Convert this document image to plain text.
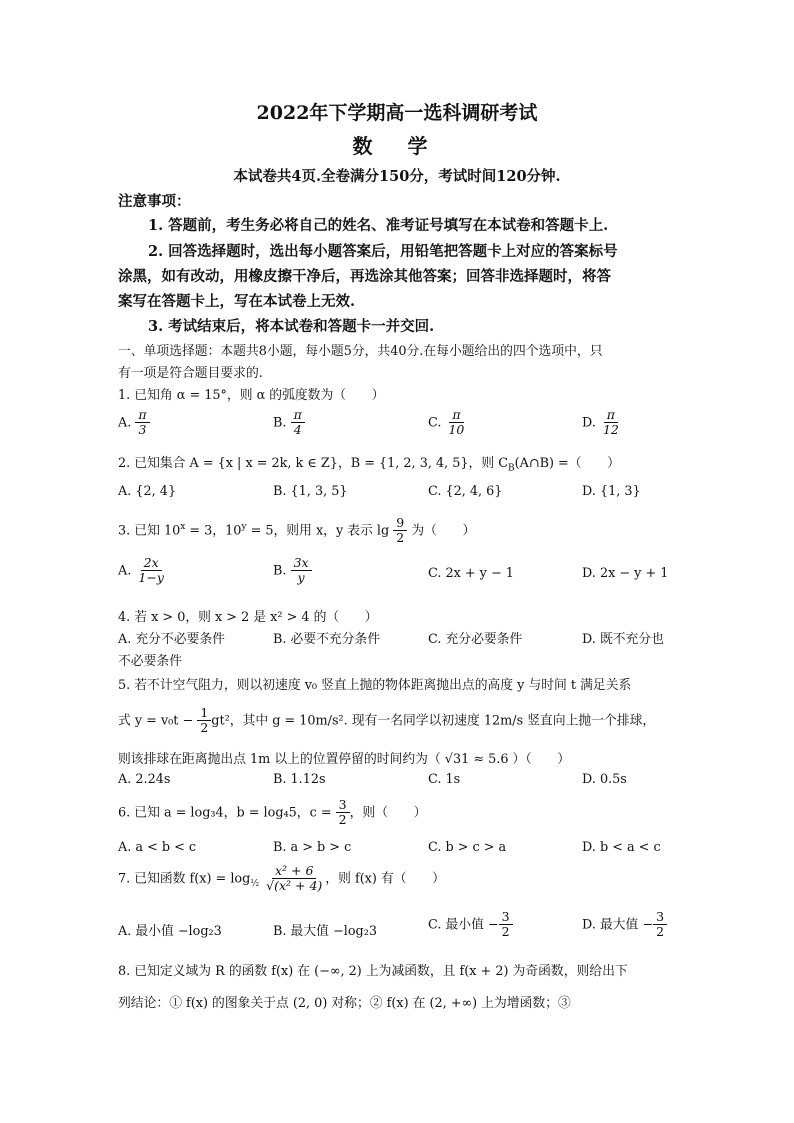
2022年下学期高一选科调研考试
数 学
本试卷共4页.全卷满分150分，考试时间120分钟.
注意事项：
1. 答题前，考生务必将自己的姓名、准考证号填写在本试卷和答题卡上.
2. 回答选择题时，选出每小题答案后，用铅笔把答题卡上对应的答案标号
涂黑，如有改动，用橡皮擦干净后，再选涂其他答案；回答非选择题时，将答
案写在答题卡上，写在本试卷上无效.
3. 考试结束后，将本试卷和答题卡一并交回.
一、单项选择题：本题共8小题，每小题5分，共40分.在每小题给出的四个选项中，只
有一项是符合题目要求的.
1. 已知角 α = 15°，则 α 的弧度数为（　　）
A. $\frac{\pi}{3}$	B. $\frac{\pi}{4}$	C. $\frac{\pi}{10}$	D. $\frac{\pi}{12}$
2. 已知集合 A = {x | x = 2k, k ∈ Z}，B = {1, 2, 3, 4, 5}，则 $C_B(A\cap B)$ =（　　）
A. {2, 4}	B. {1, 3, 5}	C. {2, 4, 6}	D. {1, 3}
3. 已知 $10^x = 3$，$10^y = 5$，则用 x，y 表示 $\lg \frac{9}{2}$ 为（　　）
A. $\frac{2x}{1-y}$	B. $\frac{3x}{y}$	C. 2x + y − 1	D. 2x − y + 1
4. 若 x > 0，则 x > 2 是 x² > 4 的（　　）
A. 充分不必要条件	B. 必要不充分条件	C. 充分必要条件	D. 既不充分也
不必要条件
5. 若不计空气阻力，则以初速度 v₀ 竖直上抛的物体距离抛出点的高度 y 与时间 t 满足关系
式 $y = v_0t - \frac{1}{2} gt^2$，其中 g = 10m/s². 现有一名同学以初速度 12m/s 竖直向上抛一个排球，
则该排球在距离抛出点 1m 以上的位置停留的时间约为（ √31 ≈ 5.6 ）（　　）
A. 2.24s	B. 1.12s	C. 1s	D. 0.5s
6. 已知 a = log₃4，b = log₄5，$c = \frac{3}{2}$ ，则（　　）
A. a < b < c	B. a > b > c	C. b > c > a	D. b < a < c
7. 已知函数 $f(x) = \log_{\frac{1}{2}} \frac{\text{x² + 6}}{\text{√(x² + 4)}}$ ，则 f(x) 有（　　）
A. 最小值 −log₂3	B. 最大值 −log₂3	C. 最小值 − $\frac{3}{2}$	D. 最大值 − $\frac{3}{2}$
8. 已知定义域为 R 的函数 f(x) 在 (−∞, 2) 上为减函数，且 f(x + 2) 为奇函数，则给出下
列结论：① f(x) 的图象关于点 (2, 0) 对称；② f(x) 在 (2, +∞) 上为增函数；③
